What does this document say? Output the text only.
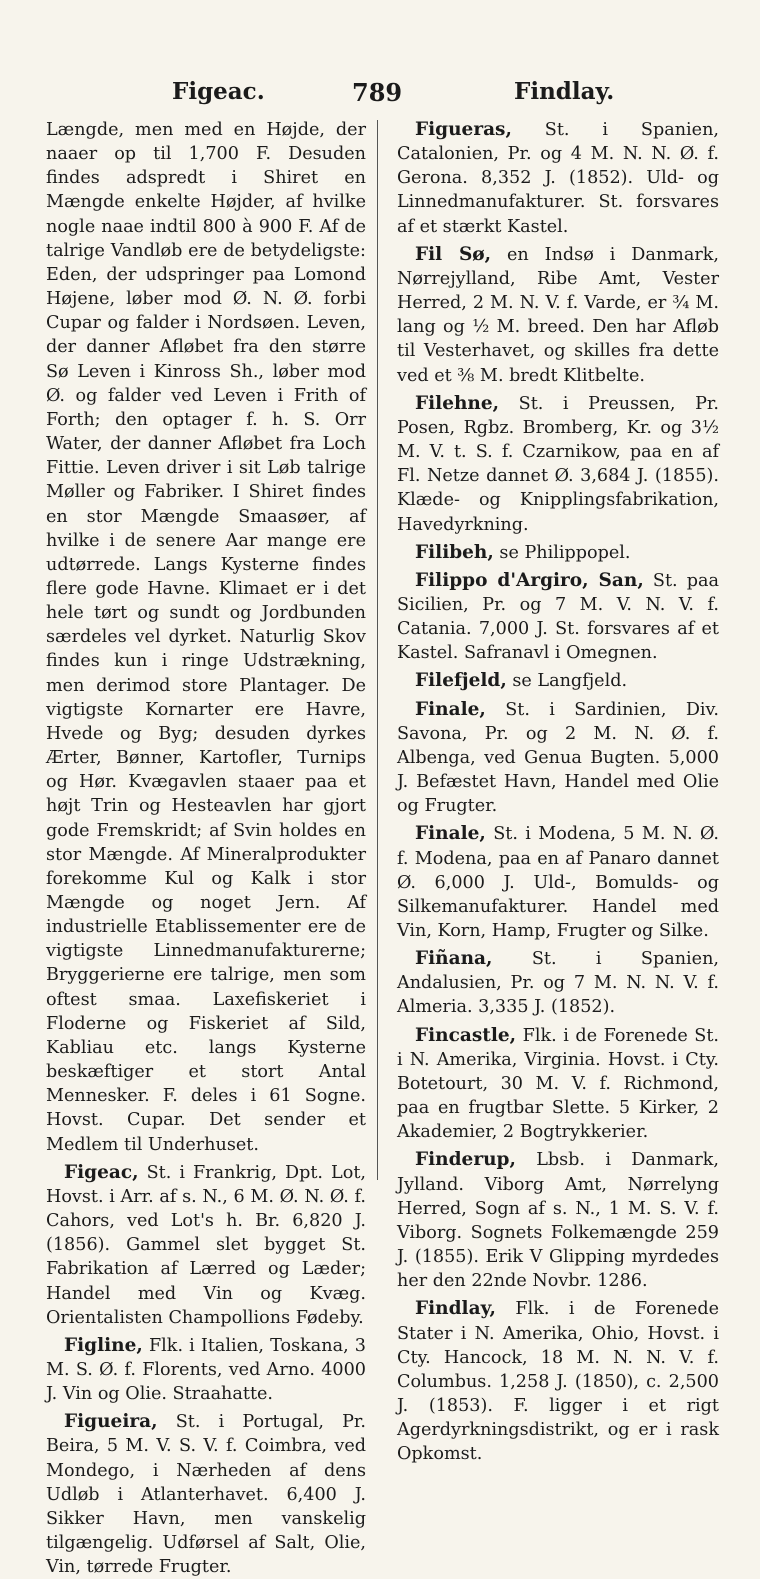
Figeac.	789	Findlay.

Længde, men med en Højde, der naaer op til 1,700 F. Desuden findes adspredt i Shiret en Mængde enkelte Højder, af hvilke nogle naae indtil 800 à 900 F. Af de talrige Vandløb ere de betydeligste: Eden, der udspringer paa Lomond Højene, løber mod Ø. N. Ø. forbi Cupar og falder i Nordsøen. Leven, der danner Afløbet fra den større Sø Leven i Kinross Sh., løber mod Ø. og falder ved Leven i Frith of Forth; den optager f. h. S. Orr Water, der danner Afløbet fra Loch Fittie. Leven driver i sit Løb talrige Møller og Fabriker. I Shiret findes en stor Mængde Smaasøer, af hvilke i de senere Aar mange ere udtørrede. Langs Kysterne findes flere gode Havne. Klimaet er i det hele tørt og sundt og Jordbunden særdeles vel dyrket. Naturlig Skov findes kun i ringe Udstrækning, men derimod store Plantager. De vigtigste Kornarter ere Havre, Hvede og Byg; desuden dyrkes Ærter, Bønner, Kartofler, Turnips og Hør. Kvægavlen staaer paa et højt Trin og Hesteavlen har gjort gode Fremskridt; af Svin holdes en stor Mængde. Af Mineralprodukter forekomme Kul og Kalk i stor Mængde og noget Jern. Af industrielle Etablissementer ere de vigtigste Linnedmanufakturerne; Bryggerierne ere talrige, men som oftest smaa. Laxefiskeriet i Floderne og Fiskeriet af Sild, Kabliau etc. langs Kysterne beskæftiger et stort Antal Mennesker. F. deles i 61 Sogne. Hovst. Cupar. Det sender et Medlem til Underhuset.

Figeac, St. i Frankrig, Dpt. Lot, Hovst. i Arr. af s. N., 6 M. Ø. N. Ø. f. Cahors, ved Lot's h. Br. 6,820 J. (1856). Gammel slet bygget St. Fabrikation af Lærred og Læder; Handel med Vin og Kvæg. Orientalisten Champollions Fødeby.

Figline, Flk. i Italien, Toskana, 3 M. S. Ø. f. Florents, ved Arno. 4000 J. Vin og Olie. Straahatte.

Figueira, St. i Portugal, Pr. Beira, 5 M. V. S. V. f. Coimbra, ved Mondego, i Nærheden af dens Udløb i Atlanterhavet. 6,400 J. Sikker Havn, men vanskelig tilgængelig. Udførsel af Salt, Olie, Vin, tørrede Frugter.

Figueras, St. i Spanien, Catalonien, Pr. og 4 M. N. N. Ø. f. Gerona. 8,352 J. (1852). Uld- og Linnedmanufakturer. St. forsvares af et stærkt Kastel.

Fil Sø, en Indsø i Danmark, Nørrejylland, Ribe Amt, Vester Herred, 2 M. N. V. f. Varde, er ¾ M. lang og ½ M. breed. Den har Afløb til Vesterhavet, og skilles fra dette ved et ⅜ M. bredt Klitbelte.

Filehne, St. i Preussen, Pr. Posen, Rgbz. Bromberg, Kr. og 3½ M. V. t. S. f. Czarnikow, paa en af Fl. Netze dannet Ø. 3,684 J. (1855). Klæde- og Knipplingsfabrikation, Havedyrkning.

Filibeh, se Philippopel.

Filippo d'Argiro, San, St. paa Sicilien, Pr. og 7 M. V. N. V. f. Catania. 7,000 J. St. forsvares af et Kastel. Safranavl i Omegnen.

Filefjeld, se Langfjeld.

Finale, St. i Sardinien, Div. Savona, Pr. og 2 M. N. Ø. f. Albenga, ved Genua Bugten. 5,000 J. Befæstet Havn, Handel med Olie og Frugter.

Finale, St. i Modena, 5 M. N. Ø. f. Modena, paa en af Panaro dannet Ø. 6,000 J. Uld-, Bomulds- og Silkemanufakturer. Handel med Vin, Korn, Hamp, Frugter og Silke.

Fiñana, St. i Spanien, Andalusien, Pr. og 7 M. N. N. V. f. Almeria. 3,335 J. (1852).

Fincastle, Flk. i de Forenede St. i N. Amerika, Virginia. Hovst. i Cty. Botetourt, 30 M. V. f. Richmond, paa en frugtbar Slette. 5 Kirker, 2 Akademier, 2 Bogtrykkerier.

Finderup, Lbsb. i Danmark, Jylland. Viborg Amt, Nørrelyng Herred, Sogn af s. N., 1 M. S. V. f. Viborg. Sognets Folkemængde 259 J. (1855). Erik V Glipping myrdedes her den 22nde Novbr. 1286.

Findlay, Flk. i de Forenede Stater i N. Amerika, Ohio, Hovst. i Cty. Hancock, 18 M. N. N. V. f. Columbus. 1,258 J. (1850), c. 2,500 J. (1853). F. ligger i et rigt Agerdyrkningsdistrikt, og er i rask Opkomst.
